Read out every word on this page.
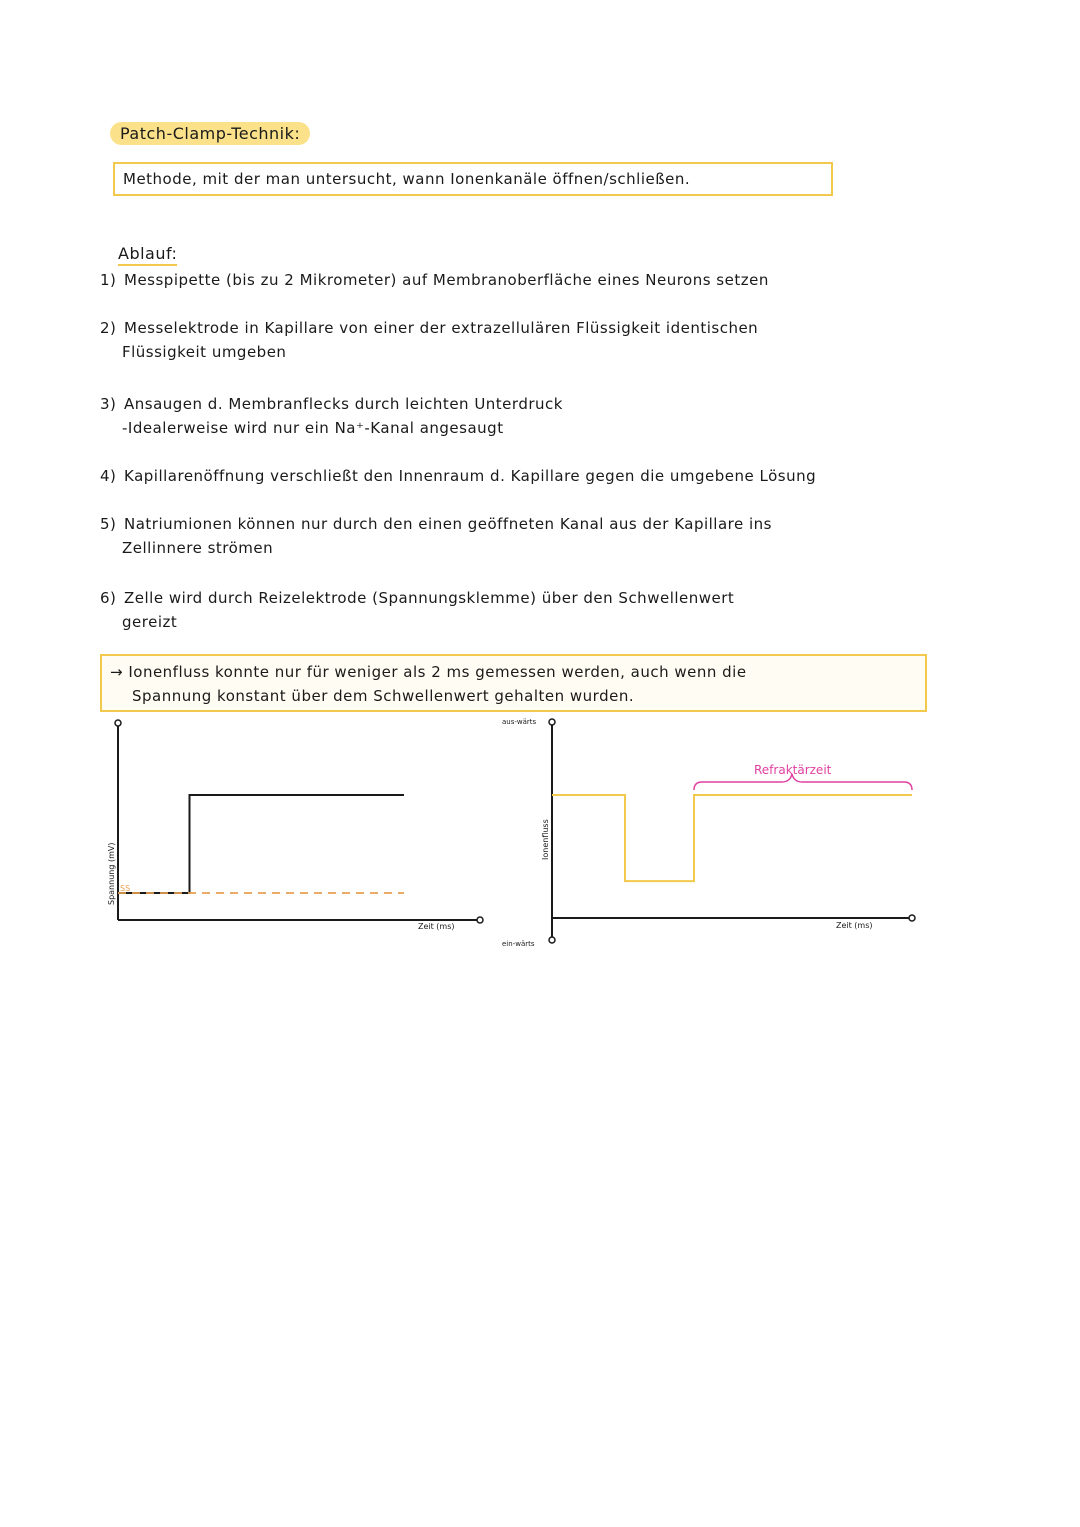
Patch-Clamp-Technik:
Methode, mit der man untersucht, wann Ionenkanäle öffnen/schließen.
Ablauf:
1) Messpipette (bis zu 2 Mikrometer) auf Membranoberfläche eines Neurons setzen
2) Messelektrode in Kapillare von einer der extrazellulären Flüssigkeit identischen
Flüssigkeit umgeben
3) Ansaugen d. Membranflecks durch leichten Unterdruck
-Idealerweise wird nur ein Na⁺-Kanal angesaugt
4) Kapillarenöffnung verschließt den Innenraum d. Kapillare gegen die umgebene Lösung
5) Natriumionen können nur durch den einen geöffneten Kanal aus der Kapillare ins
Zellinnere strömen
6) Zelle wird durch Reizelektrode (Spannungsklemme) über den Schwellenwert
gereizt
→ Ionenfluss konnte nur für weniger als 2 ms gemessen werden, auch wenn die
Spannung konstant über dem Schwellenwert gehalten wurden.
Spannung (mV)
Zeit (ms)
SS
aus-wärts
ein-wärts
Ionenfluss
Zeit (ms)
Refraktärzeit
